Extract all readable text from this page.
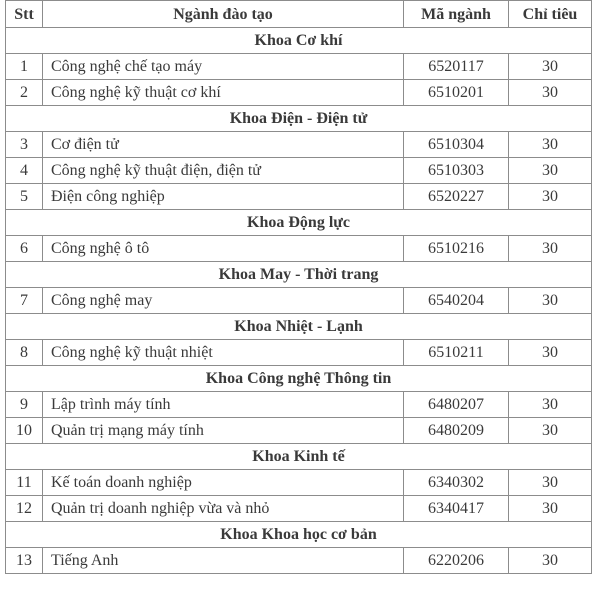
Stt	Ngành đào tạo	Mã ngành	Chỉ tiêu
Khoa Cơ khí			
1	Công nghệ chế tạo máy	6520117	30
2	Công nghệ kỹ thuật cơ khí	6510201	30
Khoa Điện - Điện tử			
3	Cơ điện tử	6510304	30
4	Công nghệ kỹ thuật điện, điện tử	6510303	30
5	Điện công nghiệp	6520227	30
Khoa Động lực			
6	Công nghệ ô tô	6510216	30
Khoa May - Thời trang			
7	Công nghệ may	6540204	30
Khoa Nhiệt - Lạnh			
8	Công nghệ kỹ thuật nhiệt	6510211	30
Khoa Công nghệ Thông tin			
9	Lập trình máy tính	6480207	30
10	Quản trị mạng máy tính	6480209	30
Khoa Kinh tế			
11	Kế toán doanh nghiệp	6340302	30
12	Quản trị doanh nghiệp vừa và nhỏ	6340417	30
Khoa Khoa học cơ bản			
13	Tiếng Anh	6220206	30
